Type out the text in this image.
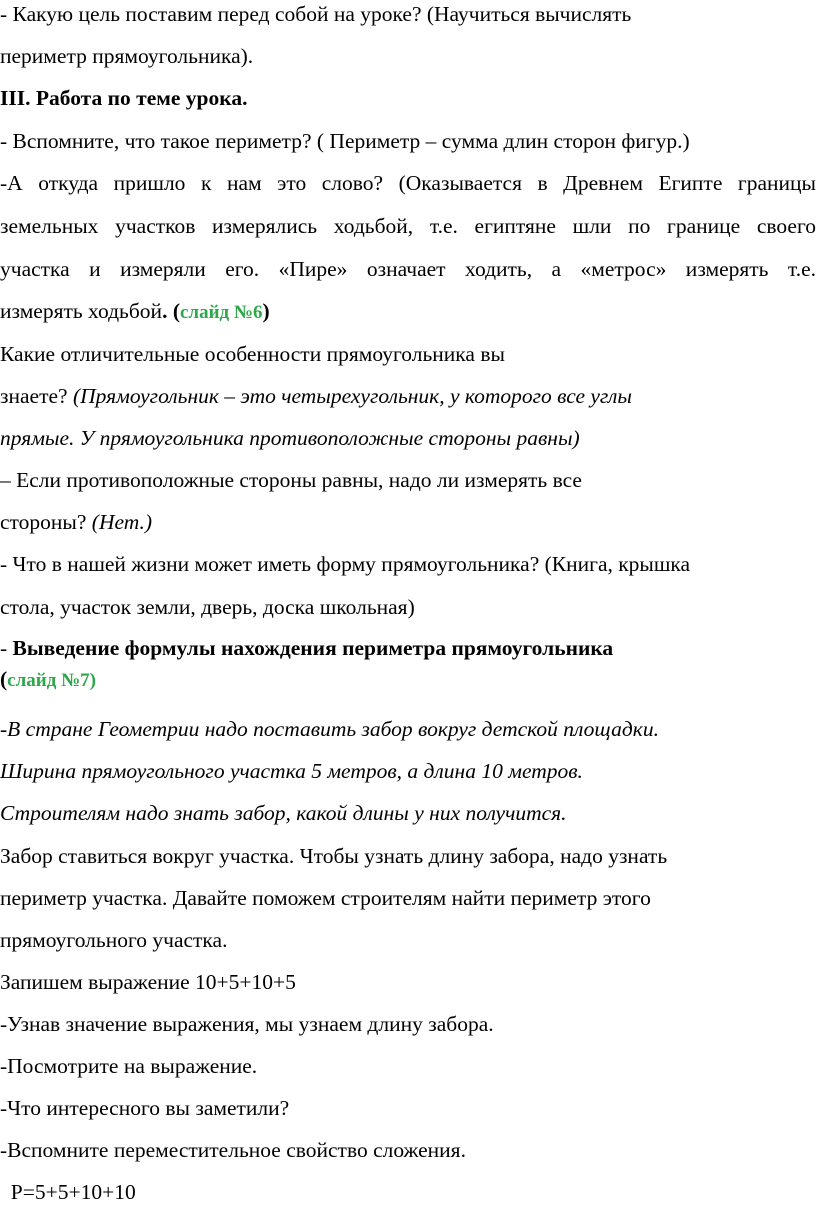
- Какую цель поставим перед собой на уроке? (Научиться вычислять
периметр прямоугольника).
III. Работа по теме урока.
- Вспомните, что такое периметр? ( Периметр – сумма длин сторон фигур.)
-А откуда пришло к нам это слово? (Оказывается в Древнем Египте границы
земельных участков измерялись ходьбой, т.е. египтяне шли по границе своего
участка и измеряли его. «Пире» означает ходить, а «метрос» измерять т.е.
измерять ходьбой. (слайд №6)
Какие отличительные особенности прямоугольника вы
знаете? (Прямоугольник – это четырехугольник, у которого все углы
прямые. У прямоугольника противоположные стороны равны)
– Если противоположные стороны равны, надо ли измерять все
стороны? (Нет.)
- Что в нашей жизни может иметь форму прямоугольника? (Книга, крышка
стола, участок земли, дверь, доска школьная)
- Выведение формулы нахождения периметра прямоугольника
(слайд №7)
-В стране Геометрии надо поставить забор вокруг детской площадки.
Ширина прямоугольного участка 5 метров, а длина 10 метров.
Строителям надо знать забор, какой длины у них получится.
Забор ставиться вокруг участка. Чтобы узнать длину забора, надо узнать
периметр участка. Давайте поможем строителям найти периметр этого
прямоугольного участка.
Запишем выражение 10+5+10+5
-Узнав значение выражения, мы узнаем длину забора.
-Посмотрите на выражение.
-Что интересного вы заметили?
-Вспомните переместительное свойство сложения.
Р=5+5+10+10
